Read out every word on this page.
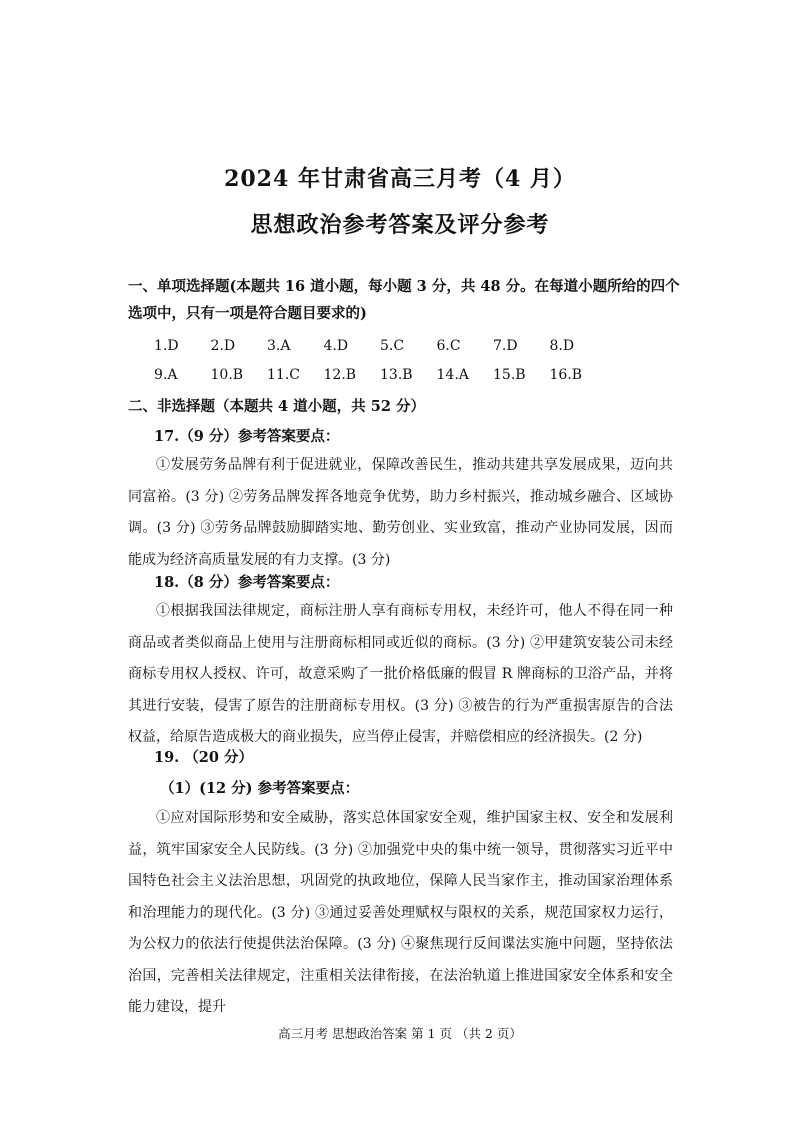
2024 年甘肃省高三月考（4 月）
思想政治参考答案及评分参考
一、单项选择题(本题共 16 道小题，每小题 3 分，共 48 分。在每道小题所给的四个选项中，只有一项是符合题目要求的)
1.D	2.D	3.A	4.D	5.C	6.C	7.D	8.D
9.A	10.B	11.C	12.B	13.B	14.A	15.B	16.B
二、非选择题（本题共 4 道小题，共 52 分）
17.（9 分）参考答案要点：
①发展劳务品牌有利于促进就业，保障改善民生，推动共建共享发展成果，迈向共同富裕。(3 分) ②劳务品牌发挥各地竞争优势，助力乡村振兴，推动城乡融合、区域协调。(3 分) ③劳务品牌鼓励脚踏实地、勤劳创业、实业致富，推动产业协同发展，因而能成为经济高质量发展的有力支撑。(3 分)
18.（8 分）参考答案要点：
①根据我国法律规定，商标注册人享有商标专用权，未经许可，他人不得在同一种商品或者类似商品上使用与注册商标相同或近似的商标。(3 分) ②甲建筑安装公司未经商标专用权人授权、许可，故意采购了一批价格低廉的假冒 R 牌商标的卫浴产品，并将其进行安装，侵害了原告的注册商标专用权。(3 分) ③被告的行为严重损害原告的合法权益，给原告造成极大的商业损失，应当停止侵害，并赔偿相应的经济损失。(2 分)
19. （20 分）
（1）(12 分) 参考答案要点：
①应对国际形势和安全威胁，落实总体国家安全观，维护国家主权、安全和发展利益，筑牢国家安全人民防线。(3 分) ②加强党中央的集中统一领导，贯彻落实习近平中国特色社会主义法治思想，巩固党的执政地位，保障人民当家作主，推动国家治理体系和治理能力的现代化。(3 分) ③通过妥善处理赋权与限权的关系，规范国家权力运行，为公权力的依法行使提供法治保障。(3 分) ④聚焦现行反间谍法实施中问题，坚持依法治国，完善相关法律规定，注重相关法律衔接，在法治轨道上推进国家安全体系和安全能力建设，提升
高三月考 思想政治答案 第 1 页 （共 2 页）
